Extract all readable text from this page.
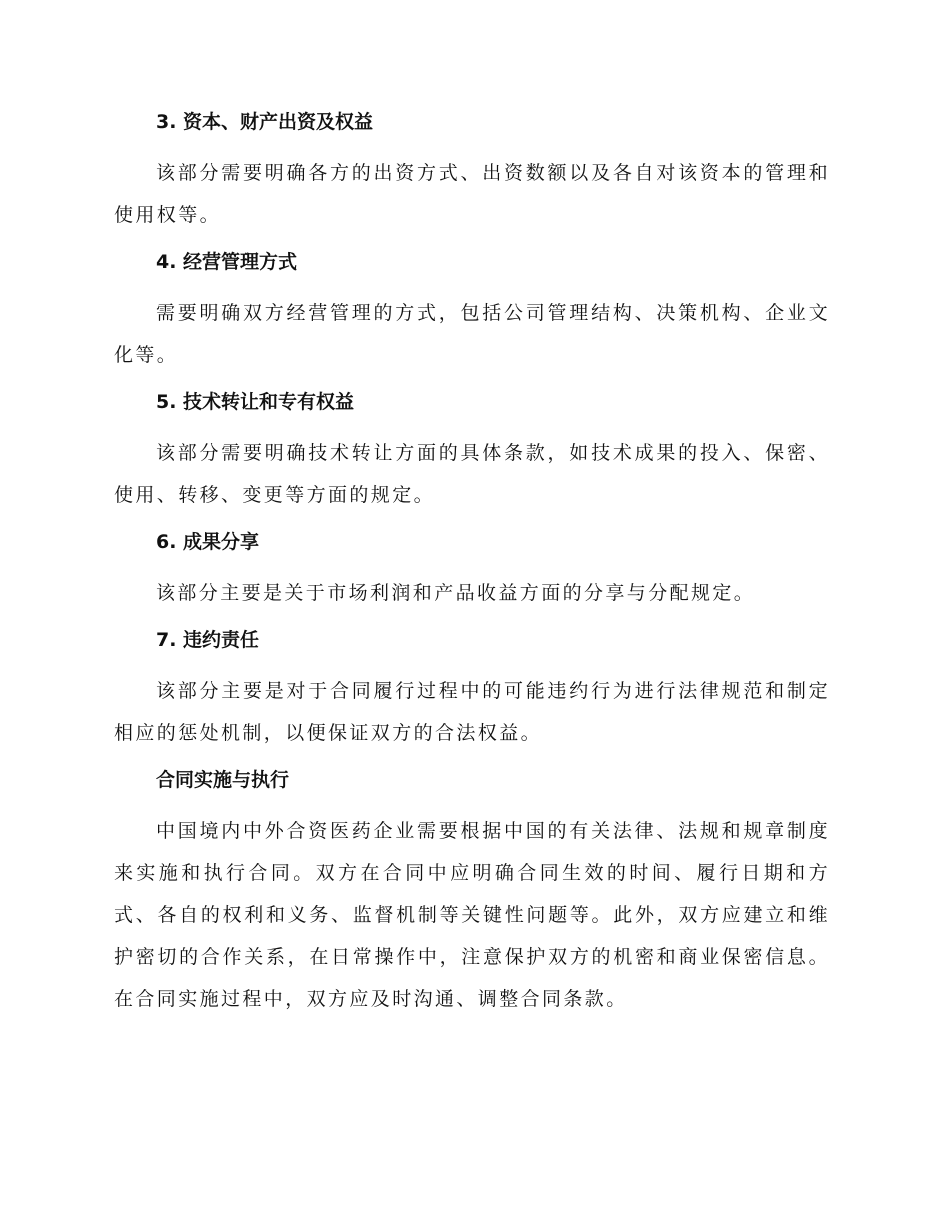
3. 资本、财产出资及权益

该部分需要明确各方的出资方式、出资数额以及各自对该资本的管理和使用权等。

4. 经营管理方式

需要明确双方经营管理的方式，包括公司管理结构、决策机构、企业文化等。

5. 技术转让和专有权益

该部分需要明确技术转让方面的具体条款，如技术成果的投入、保密、使用、转移、变更等方面的规定。

6. 成果分享

该部分主要是关于市场利润和产品收益方面的分享与分配规定。

7. 违约责任

该部分主要是对于合同履行过程中的可能违约行为进行法律规范和制定相应的惩处机制，以便保证双方的合法权益。

合同实施与执行

中国境内中外合资医药企业需要根据中国的有关法律、法规和规章制度来实施和执行合同。双方在合同中应明确合同生效的时间、履行日期和方式、各自的权利和义务、监督机制等关键性问题等。此外，双方应建立和维护密切的合作关系，在日常操作中，注意保护双方的机密和商业保密信息。在合同实施过程中，双方应及时沟通、调整合同条款。
